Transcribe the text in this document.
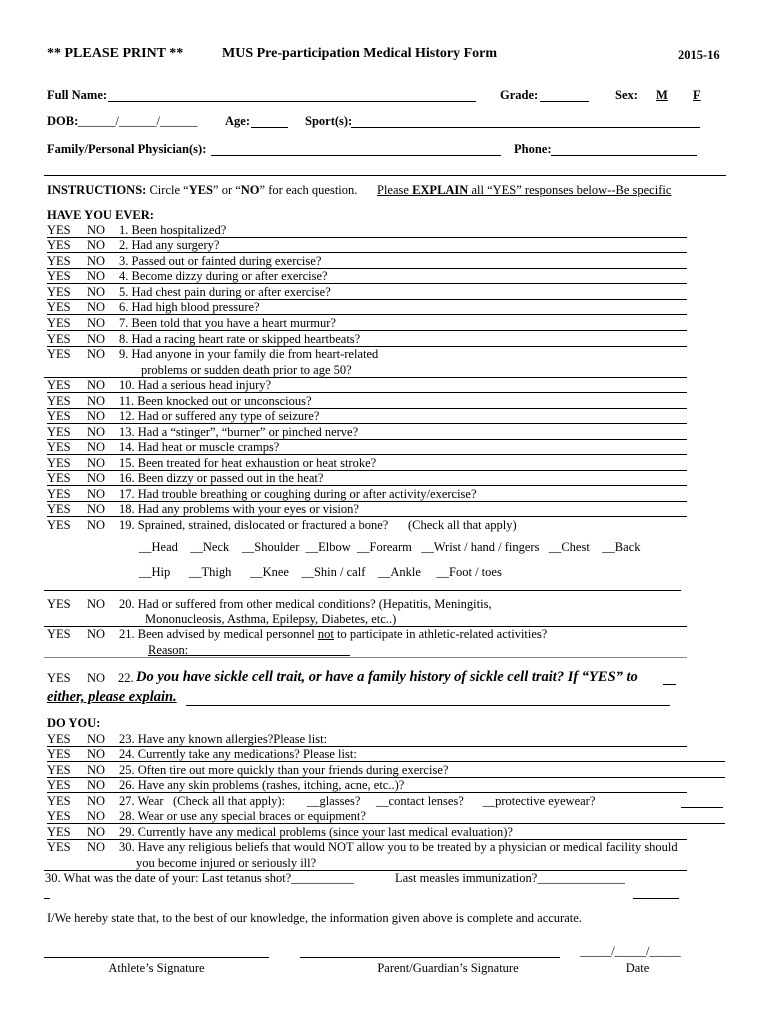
** PLEASE PRINT **	MUS Pre-participation Medical History Form	2015-16
Full Name:	Grade:	Sex: M F
DOB: ______/______/______ Age:	Sport(s):
Family/Personal Physician(s):	Phone:
INSTRUCTIONS: Circle “YES” or “NO” for each question. Please EXPLAIN all “YES” responses below--Be specific
HAVE YOU EVER:
YES NO 1. Been hospitalized?
YES NO 2. Had any surgery?
YES NO 3. Passed out or fainted during exercise?
YES NO 4. Become dizzy during or after exercise?
YES NO 5. Had chest pain during or after exercise?
YES NO 6. Had high blood pressure?
YES NO 7. Been told that you have a heart murmur?
YES NO 8. Had a racing heart rate or skipped heartbeats?
YES NO 9. Had anyone in your family die from heart-related
problems or sudden death prior to age 50?
YES NO 10. Had a serious head injury?
YES NO 11. Been knocked out or unconscious?
YES NO 12. Had or suffered any type of seizure?
YES NO 13. Had a “stinger”, “burner” or pinched nerve?
YES NO 14. Had heat or muscle cramps?
YES NO 15. Been treated for heat exhaustion or heat stroke?
YES NO 16. Been dizzy or passed out in the heat?
YES NO 17. Had trouble breathing or coughing during or after activity/exercise?
YES NO 18. Had any problems with your eyes or vision?
YES NO 19. Sprained, strained, dislocated or fractured a bone? (Check all that apply)
__Head    __Neck    __Shoulder  __Elbow  __Forearm   __Wrist / hand / fingers   __Chest    __Back
__Hip      __Thigh      __Knee    __Shin / calf    __Ankle     __Foot / toes
YES NO 20. Had or suffered from other medical conditions? (Hepatitis, Meningitis,
Mononucleosis, Asthma, Epilepsy, Diabetes, etc..)
YES NO 21. Been advised by medical personnel not to participate in athletic-related activities?
Reason:
YES NO 22. Do you have sickle cell trait, or have a family history of sickle cell trait? If “YES” to
either, please explain.
DO YOU:
YES NO 23. Have any known allergies?Please list:
YES NO 24. Currently take any medications? Please list:
YES NO 25. Often tire out more quickly than your friends during exercise?
YES NO 26. Have any skin problems (rashes, itching, acne, etc..)?
YES NO 27. Wear   (Check all that apply):       __glasses?     __contact lenses?      __protective eyewear?
YES NO 28. Wear or use any special braces or equipment?
YES NO 29. Currently have any medical problems (since your last medical evaluation)?
YES NO 30. Have any religious beliefs that would NOT allow you to be treated by a physician or medical facility should
you become injured or seriously ill?
30. What was the date of your: Last tetanus shot?__________	Last measles immunization?______________
I/We hereby state that, to the best of our knowledge, the information given above is complete and accurate.
Athlete’s Signature	Parent/Guardian’s Signature
_____/_____/_____
Date
